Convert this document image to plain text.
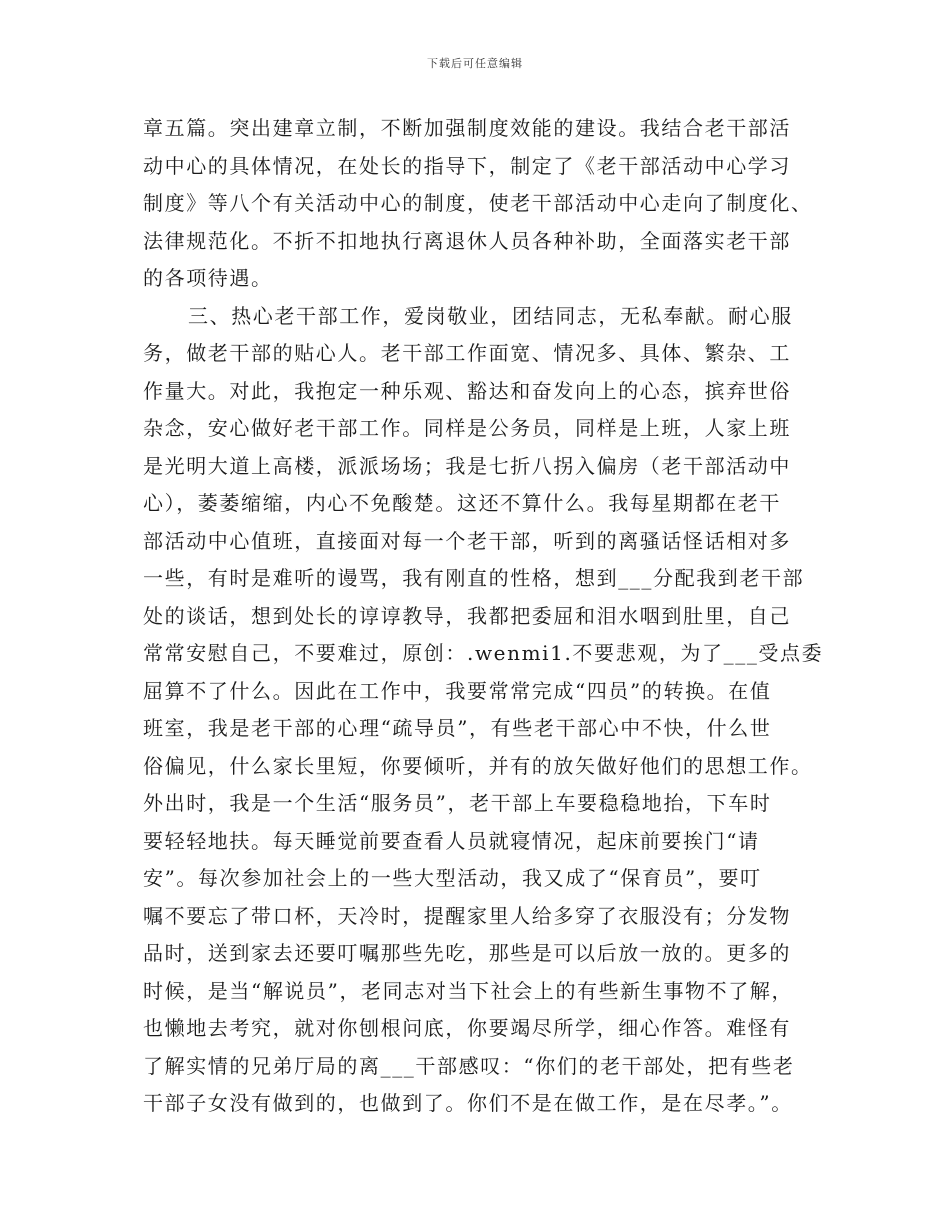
下载后可任意编辑
章五篇。突出建章立制，不断加强制度效能的建设。我结合老干部活
动中心的具体情况，在处长的指导下，制定了《老干部活动中心学习
制度》等八个有关活动中心的制度，使老干部活动中心走向了制度化、
法律规范化。不折不扣地执行离退休人员各种补助，全面落实老干部
的各项待遇。
三、热心老干部工作，爱岗敬业，团结同志，无私奉献。耐心服
务，做老干部的贴心人。老干部工作面宽、情况多、具体、繁杂、工
作量大。对此，我抱定一种乐观、豁达和奋发向上的心态，摈弃世俗
杂念，安心做好老干部工作。同样是公务员，同样是上班，人家上班
是光明大道上高楼，派派场场；我是七折八拐入偏房（老干部活动中
心），萎萎缩缩，内心不免酸楚。这还不算什么。我每星期都在老干
部活动中心值班，直接面对每一个老干部，听到的离骚话怪话相对多
一些，有时是难听的谩骂，我有刚直的性格，想到___分配我到老干部
处的谈话，想到处长的谆谆教导，我都把委屈和泪水咽到肚里，自己
常常安慰自己，不要难过，原创：.wenmi1.不要悲观，为了___受点委
屈算不了什么。因此在工作中，我要常常完成“四员”的转换。在值
班室，我是老干部的心理“疏导员”，有些老干部心中不快，什么世
俗偏见，什么家长里短，你要倾听，并有的放矢做好他们的思想工作。
外出时，我是一个生活“服务员”，老干部上车要稳稳地抬，下车时
要轻轻地扶。每天睡觉前要查看人员就寝情况，起床前要挨门“请
安”。每次参加社会上的一些大型活动，我又成了“保育员”，要叮
嘱不要忘了带口杯，天冷时，提醒家里人给多穿了衣服没有；分发物
品时，送到家去还要叮嘱那些先吃，那些是可以后放一放的。更多的
时候，是当“解说员”，老同志对当下社会上的有些新生事物不了解，
也懒地去考究，就对你刨根问底，你要竭尽所学，细心作答。难怪有
了解实情的兄弟厅局的离___干部感叹：“你们的老干部处，把有些老
干部子女没有做到的，也做到了。你们不是在做工作，是在尽孝。”。
